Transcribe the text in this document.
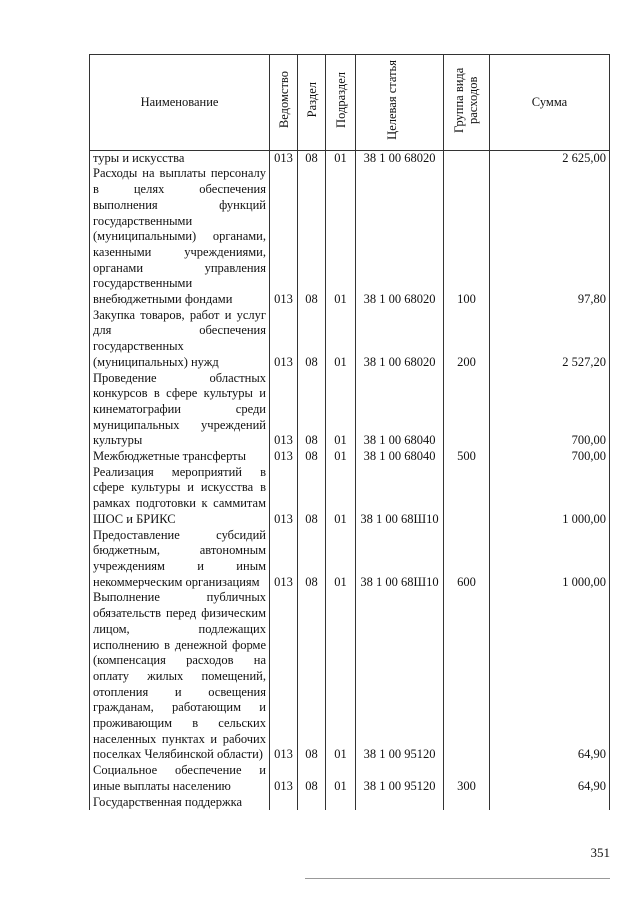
Наименование	Ведомство	Раздел	Подраздел	Целевая статья	Группа вида расходов	Сумма
туры и искусства	013	08	01	38 1 00 68020		2 625,00
Расходы на выплаты персоналу в целях обеспечения выполнения функций государственными (муниципальными) органами, казенными учреждениями, органами управления государственными внебюджетными фондами	013	08	01	38 1 00 68020	100	97,80
Закупка товаров, работ и услуг для обеспечения государственных (муниципальных) нужд	013	08	01	38 1 00 68020	200	2 527,20
Проведение областных конкурсов в сфере культуры и кинематографии среди муниципальных учреждений культуры	013	08	01	38 1 00 68040		700,00
Межбюджетные трансферты	013	08	01	38 1 00 68040	500	700,00
Реализация мероприятий в сфере культуры и искусства в рамках подготовки к саммитам ШОС и БРИКС	013	08	01	38 1 00 68Ш10		1 000,00
Предоставление субсидий бюджетным, автономным учреждениям и иным некоммерческим организациям	013	08	01	38 1 00 68Ш10	600	1 000,00
Выполнение публичных обязательств перед физическим лицом, подлежащих исполнению в денежной форме (компенсация расходов на оплату жилых помещений, отопления и освещения гражданам, работающим и проживающим в сельских населенных пунктах и рабочих поселках Челябинской области)	013	08	01	38 1 00 95120		64,90
Социальное обеспечение и иные выплаты населению	013	08	01	38 1 00 95120	300	64,90
Государственная поддержка						
351
